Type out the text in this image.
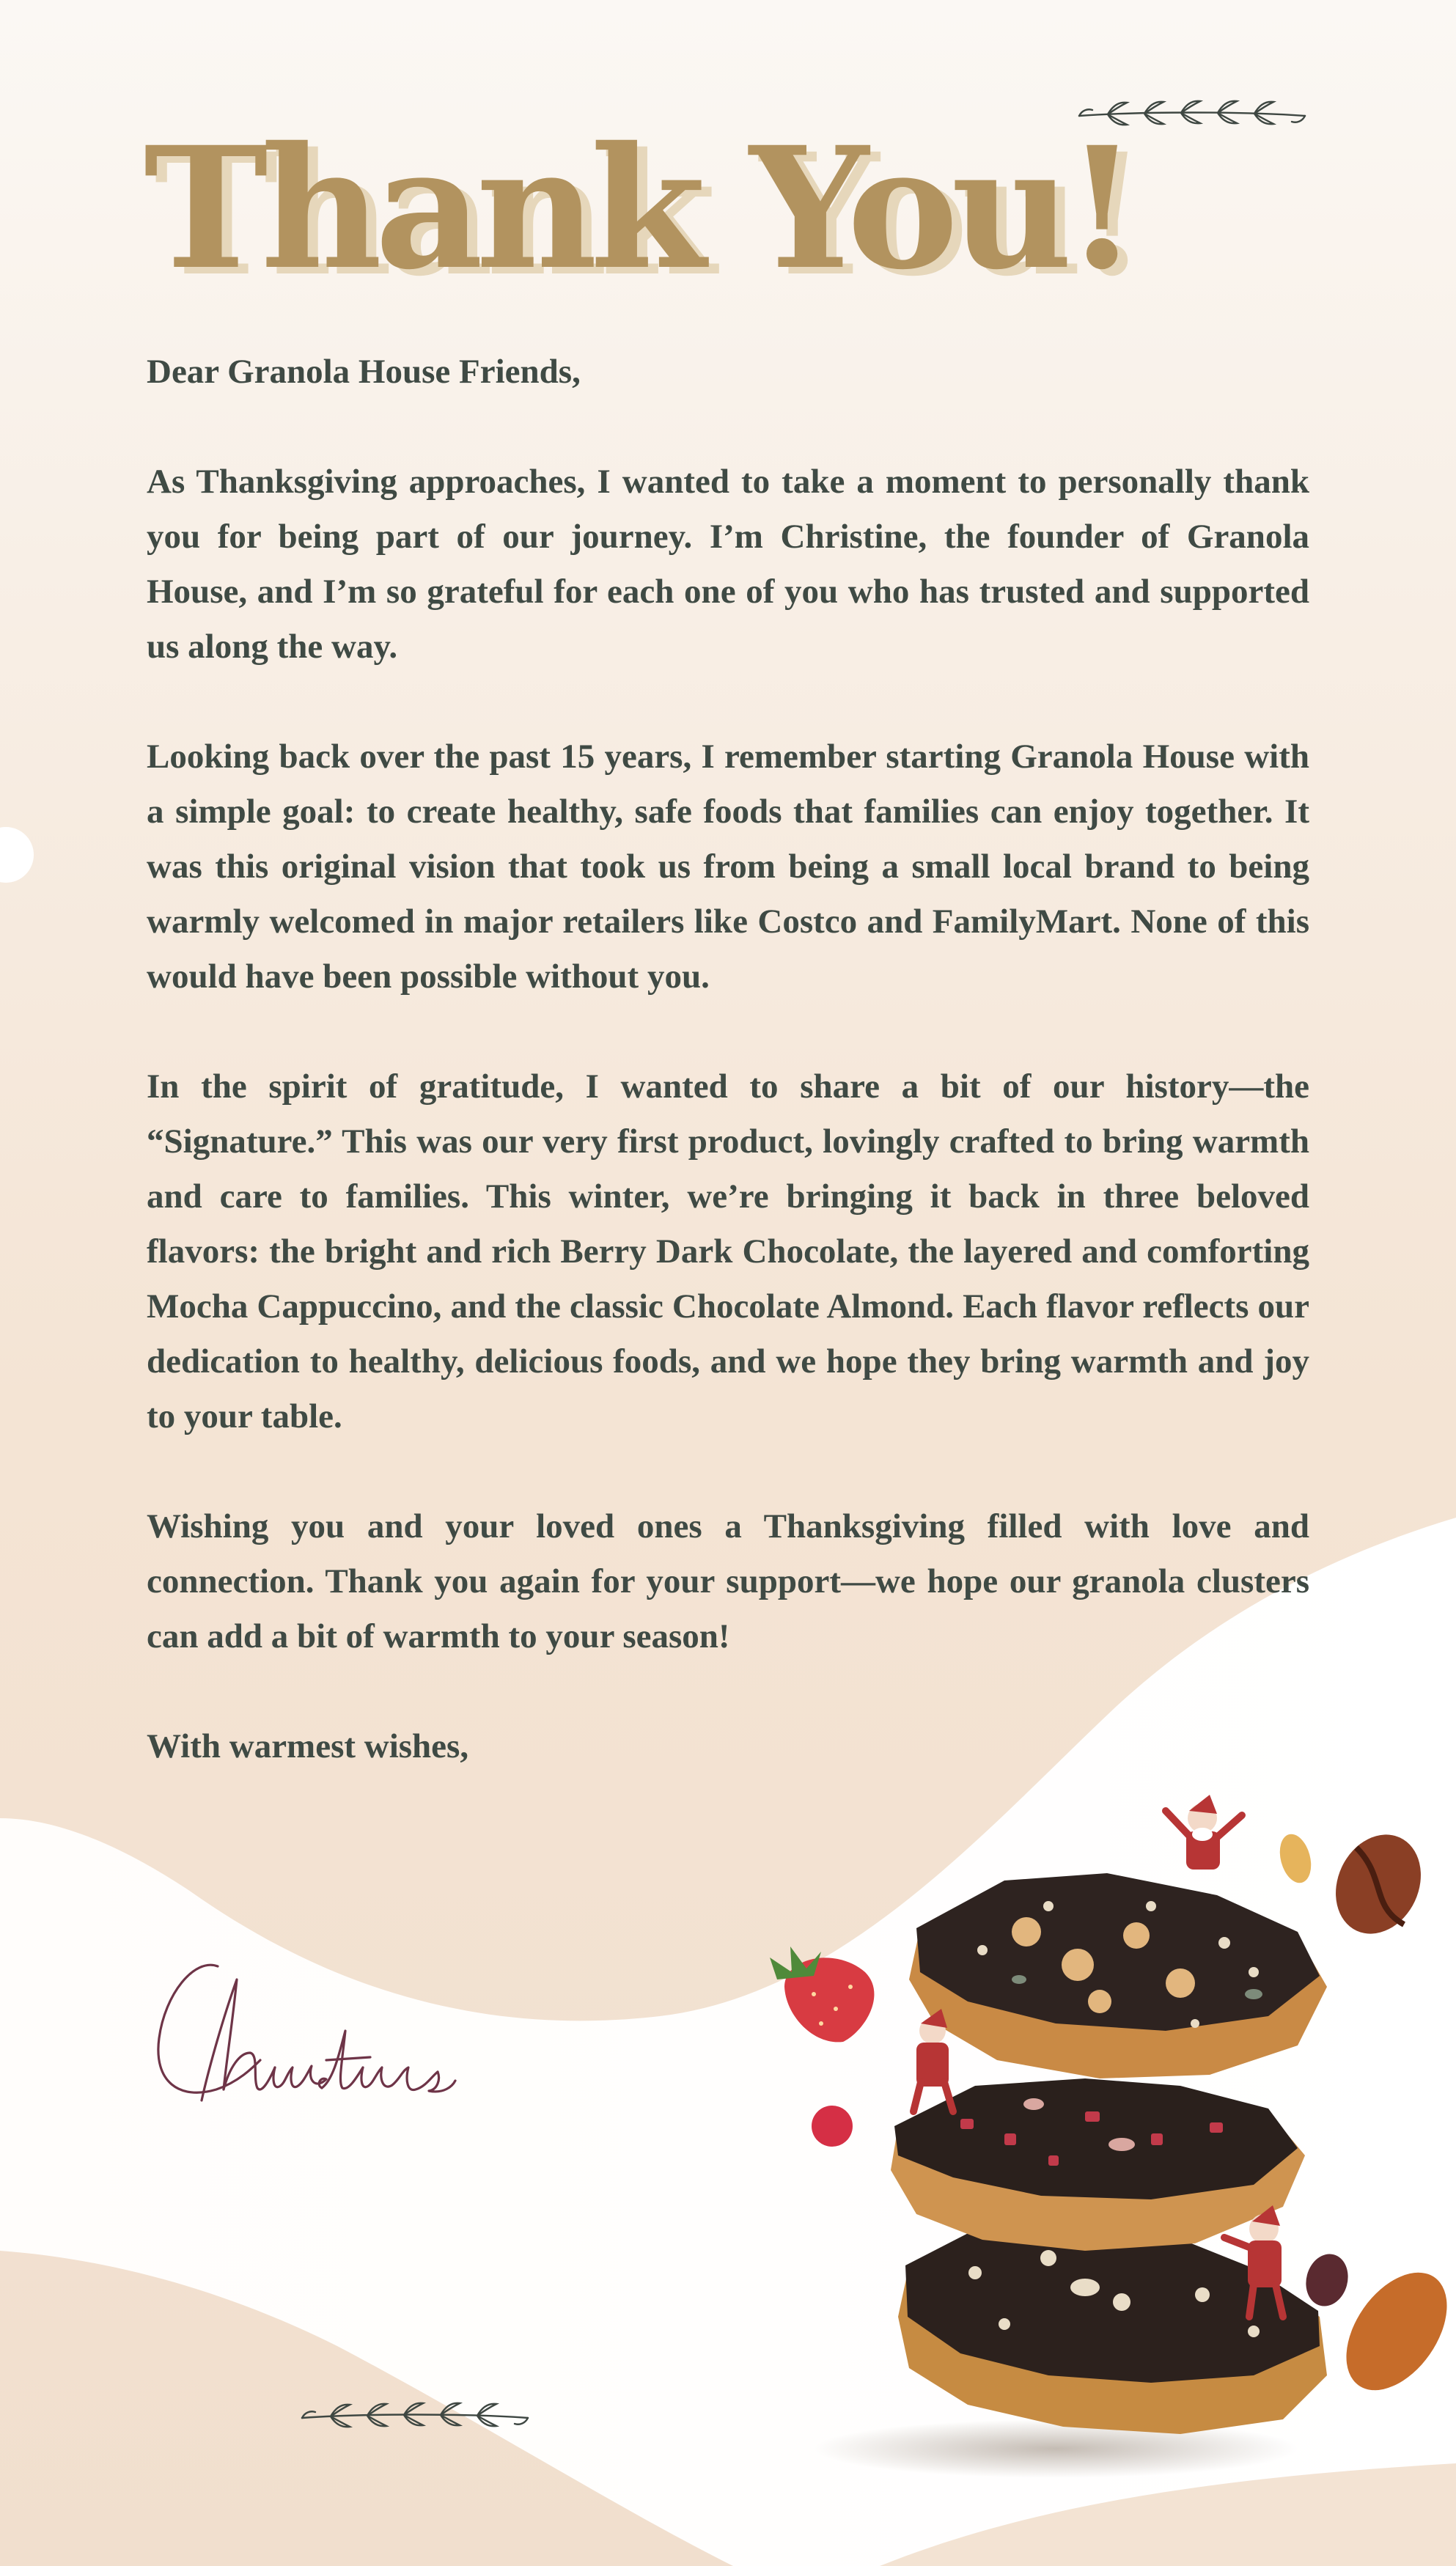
Thank You!

Dear Granola House Friends,

As Thanksgiving approaches, I wanted to take a moment to personally thank you for being part of our journey. I’m Christine, the founder of Granola House, and I’m so grateful for each one of you who has trusted and supported us along the way.

Looking back over the past 15 years, I remember starting Granola House with a simple goal: to create healthy, safe foods that families can enjoy together. It was this original vision that took us from being a small local brand to being warmly welcomed in major retailers like Costco and FamilyMart. None of this would have been possible without you.

In the spirit of gratitude, I wanted to share a bit of our history—the “Signature.” This was our very first product, lovingly crafted to bring warmth and care to families. This winter, we’re bringing it back in three beloved flavors: the bright and rich Berry Dark Chocolate, the layered and comforting Mocha Cappuccino, and the classic Chocolate Almond. Each flavor reflects our dedication to healthy, delicious foods, and we hope they bring warmth and joy to your table.

Wishing you and your loved ones a Thanksgiving filled with love and connection. Thank you again for your support—we hope our granola clusters can add a bit of warmth to your season!

With warmest wishes,
